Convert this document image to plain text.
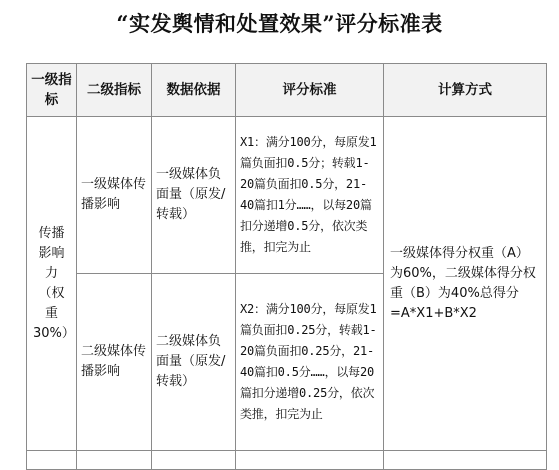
“实发舆情和处置效果”评分标准表
一级指标	二级指标	数据依据	评分标准	计算方式
传播影响力（权重30%）	一级媒体传播影响	一级媒体负面量（原发/转载）	X1：满分100分，每原发1篇负面扣0.5分；转载1-20篇负面扣0.5分，21-40篇扣1分……，以每20篇扣分递增0.5分，依次类推，扣完为止	一级媒体得分权重（A）为60%，二级媒体得分权重（B）为40%总得分=A*X1+B*X2
	二级媒体传播影响	二级媒体负面量（原发/转载）	X2：满分100分，每原发1篇负面扣0.25分，转载1-20篇负面扣0.25分，21-40篇扣0.5分……，以每20篇扣分递增0.25分，依次类推，扣完为止	
